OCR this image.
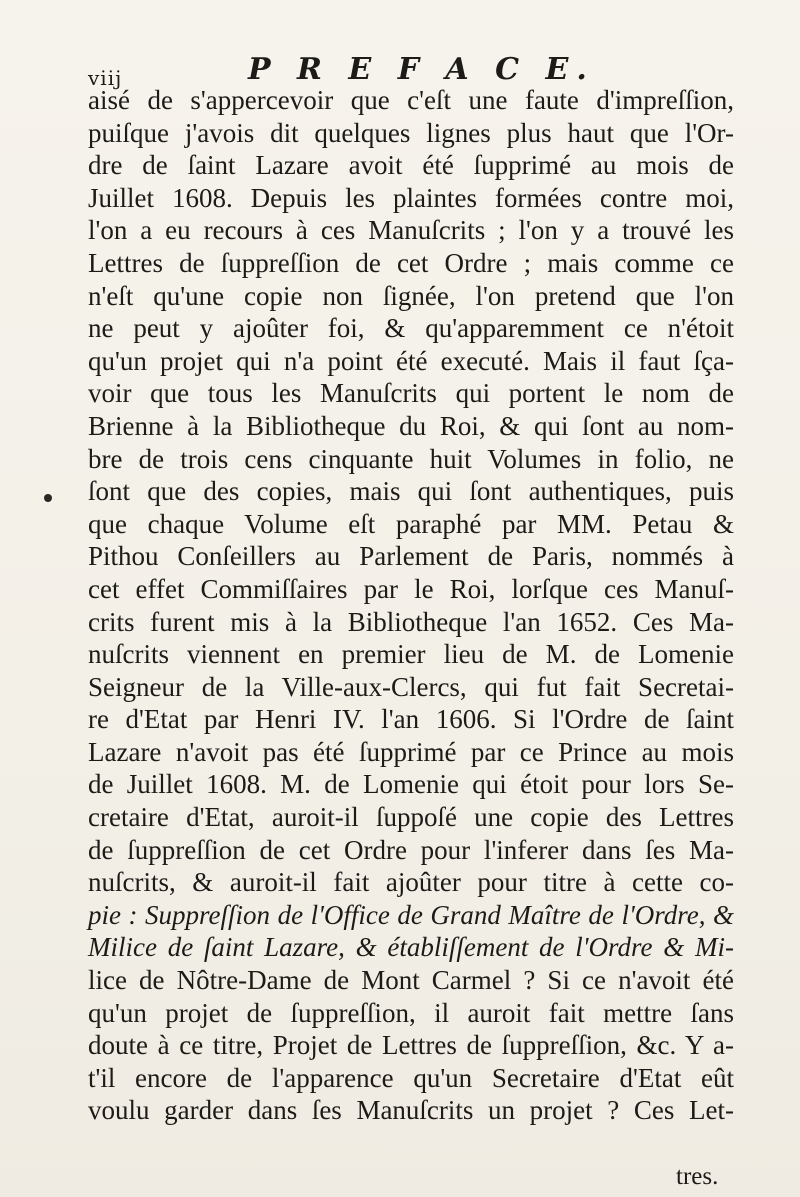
viij	P R E F A C E.
aisé de s'appercevoir que c'eſt une faute d'impreſſion,
puiſque j'avois dit quelques lignes plus haut que l'Or-
dre de ſaint Lazare avoit été ſupprimé au mois de
Juillet 1608. Depuis les plaintes formées contre moi,
l'on a eu recours à ces Manuſcrits ; l'on y a trouvé les
Lettres de ſuppreſſion de cet Ordre ; mais comme ce
n'eſt qu'une copie non ſignée, l'on pretend que l'on
ne peut y ajoûter foi, & qu'apparemment ce n'étoit
qu'un projet qui n'a point été executé. Mais il faut ſça-
voir que tous les Manuſcrits qui portent le nom de
Brienne à la Bibliotheque du Roi, & qui ſont au nom-
bre de trois cens cinquante huit Volumes in folio, ne
ſont que des copies, mais qui ſont authentiques, puis
que chaque Volume eſt paraphé par MM. Petau &
Pithou Conſeillers au Parlement de Paris, nommés à
cet effet Commiſſaires par le Roi, lorſque ces Manuſ-
crits furent mis à la Bibliotheque l'an 1652. Ces Ma-
nuſcrits viennent en premier lieu de M. de Lomenie
Seigneur de la Ville-aux-Clercs, qui fut fait Secretai-
re d'Etat par Henri IV. l'an 1606. Si l'Ordre de ſaint
Lazare n'avoit pas été ſupprimé par ce Prince au mois
de Juillet 1608. M. de Lomenie qui étoit pour lors Se-
cretaire d'Etat, auroit-il ſuppoſé une copie des Lettres
de ſuppreſſion de cet Ordre pour l'inferer dans ſes Ma-
nuſcrits, & auroit-il fait ajoûter pour titre à cette co-
pie : Suppreſſion de l'Office de Grand Maître de l'Ordre, &
Milice de ſaint Lazare, & établiſſement de l'Ordre & Mi-
lice de Nôtre-Dame de Mont Carmel ? Si ce n'avoit été
qu'un projet de ſuppreſſion, il auroit fait mettre ſans
doute à ce titre, Projet de Lettres de ſuppreſſion, &c. Y a-
t'il encore de l'apparence qu'un Secretaire d'Etat eût
voulu garder dans ſes Manuſcrits un projet ? Ces Let-
tres.
